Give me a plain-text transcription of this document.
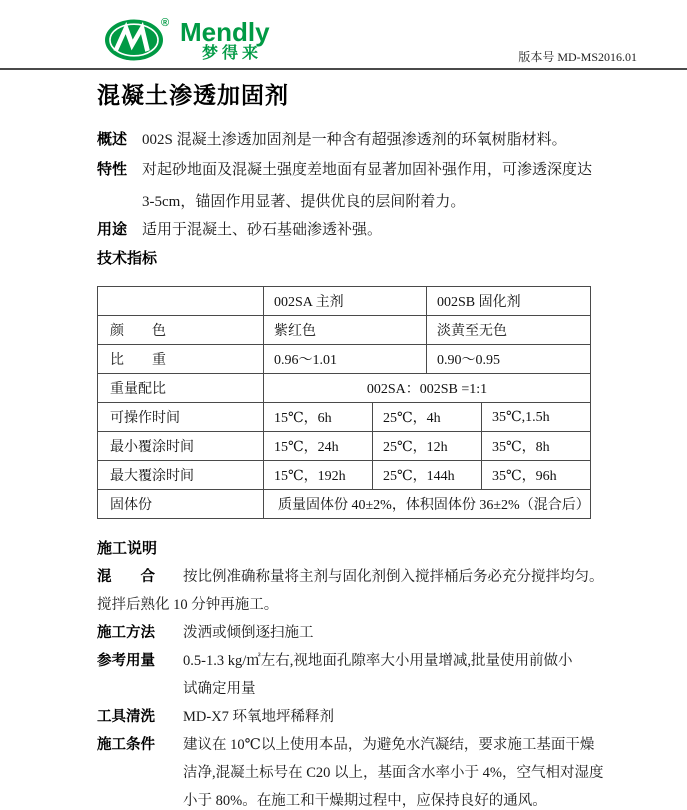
® Mendly
梦得来	版本号 MD-MS2016.01
混凝土渗透加固剂
概述 002S 混凝土渗透加固剂是一种含有超强渗透剂的环氧树脂材料。
特性 对起砂地面及混凝土强度差地面有显著加固补强作用，可渗透深度达
3-5cm，锚固作用显著、提供优良的层间附着力。
用途 适用于混凝土、砂石基础渗透补强。
技术指标
	002SA 主剂		002SB 固化剂	
颜　　色	紫红色		淡黄至无色	
比　　重	0.96～1.01		0.90～0.95	
重量配比	002SA：002SB =1:1			
可操作时间	15℃，6h	25℃，4h		35℃,1.5h
最小覆涂时间	15℃，24h	25℃，12h		35℃，8h
最大覆涂时间	15℃，192h	25℃，144h		35℃，96h
固体份	质量固体份 40±2%，体积固体份 36±2%（混合后）			
施工说明
混　　合	按比例准确称量将主剂与固化剂倒入搅拌桶后务必充分搅拌均匀。
搅拌后熟化 10 分钟再施工。
施工方法	泼洒或倾倒逐扫施工
参考用量	0.5-1.3 kg/㎡左右,视地面孔隙率大小用量增减,批量使用前做小
试确定用量
工具清洗	MD-X7 环氧地坪稀释剂
施工条件	建议在 10℃以上使用本品，为避免水汽凝结，要求施工基面干燥
洁净,混凝土标号在 C20 以上，基面含水率小于 4%，空气相对湿度
小于 80%。在施工和干燥期过程中，应保持良好的通风。
